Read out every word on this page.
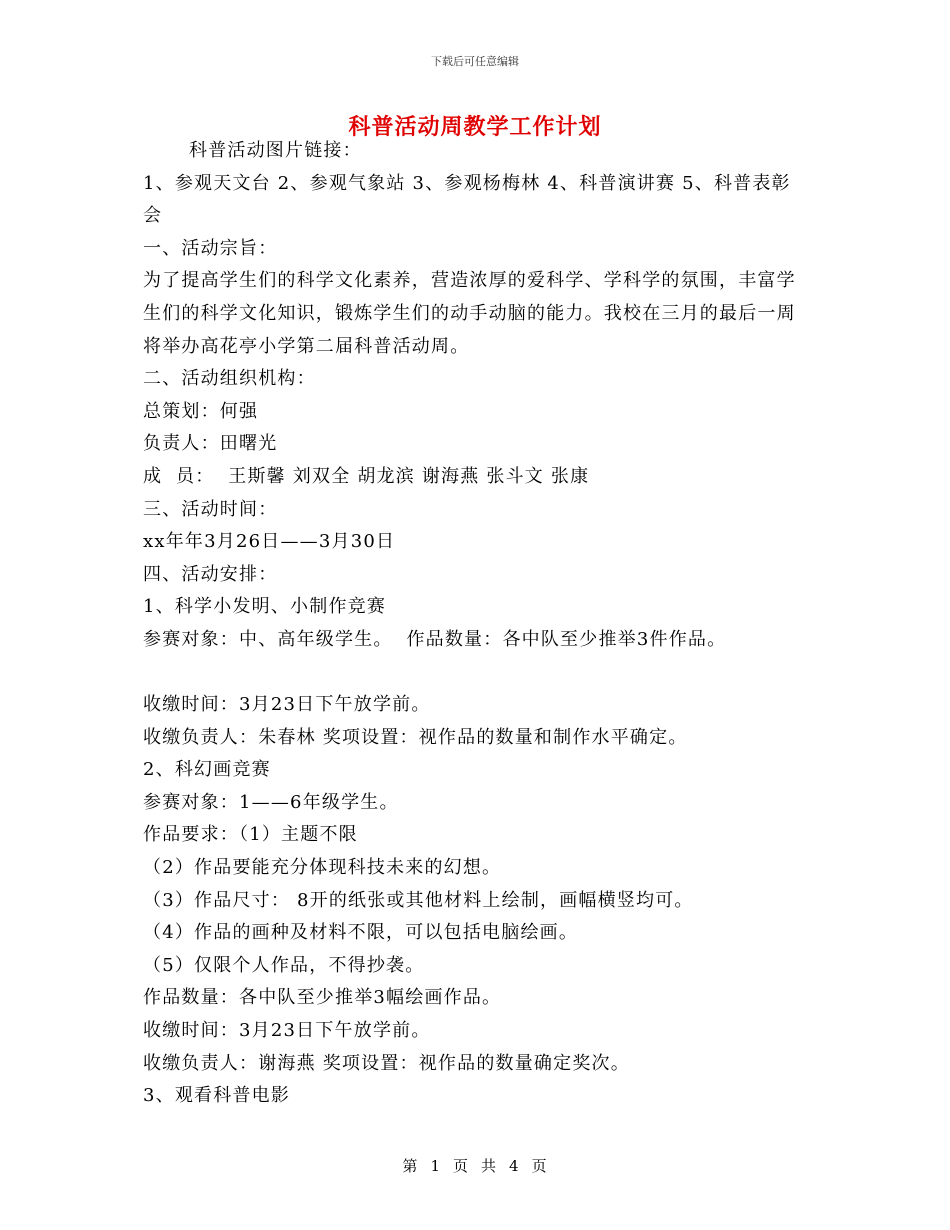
下载后可任意编辑
科普活动周教学工作计划

科普活动图片链接：

1、参观天文台 2、参观气象站 3、参观杨梅林 4、科普演讲赛 5、科普表彰会

一、活动宗旨：

为了提高学生们的科学文化素养，营造浓厚的爱科学、学科学的氛围，丰富学生们的科学文化知识，锻炼学生们的动手动脑的能力。我校在三月的最后一周将举办高花亭小学第二届科普活动周。

二、活动组织机构：

总策划：何强

负责人：田曙光

成  员：  王斯馨 刘双全 胡龙滨 谢海燕 张斗文 张康

三、活动时间：

xx年年3月26日——3月30日

四、活动安排：

1、科学小发明、小制作竞赛

参赛对象：中、高年级学生。  作品数量：各中队至少推举3件作品。

收缴时间：3月23日下午放学前。

收缴负责人：朱春林 奖项设置：视作品的数量和制作水平确定。

2、科幻画竞赛

参赛对象：1——6年级学生。

作品要求：（1）主题不限

（2）作品要能充分体现科技未来的幻想。

（3）作品尺寸： 8开的纸张或其他材料上绘制，画幅横竖均可。

（4）作品的画种及材料不限，可以包括电脑绘画。

（5）仅限个人作品，不得抄袭。

作品数量：各中队至少推举3幅绘画作品。

收缴时间：3月23日下午放学前。

收缴负责人：谢海燕 奖项设置：视作品的数量确定奖次。

3、观看科普电影

第 1 页 共 4 页
